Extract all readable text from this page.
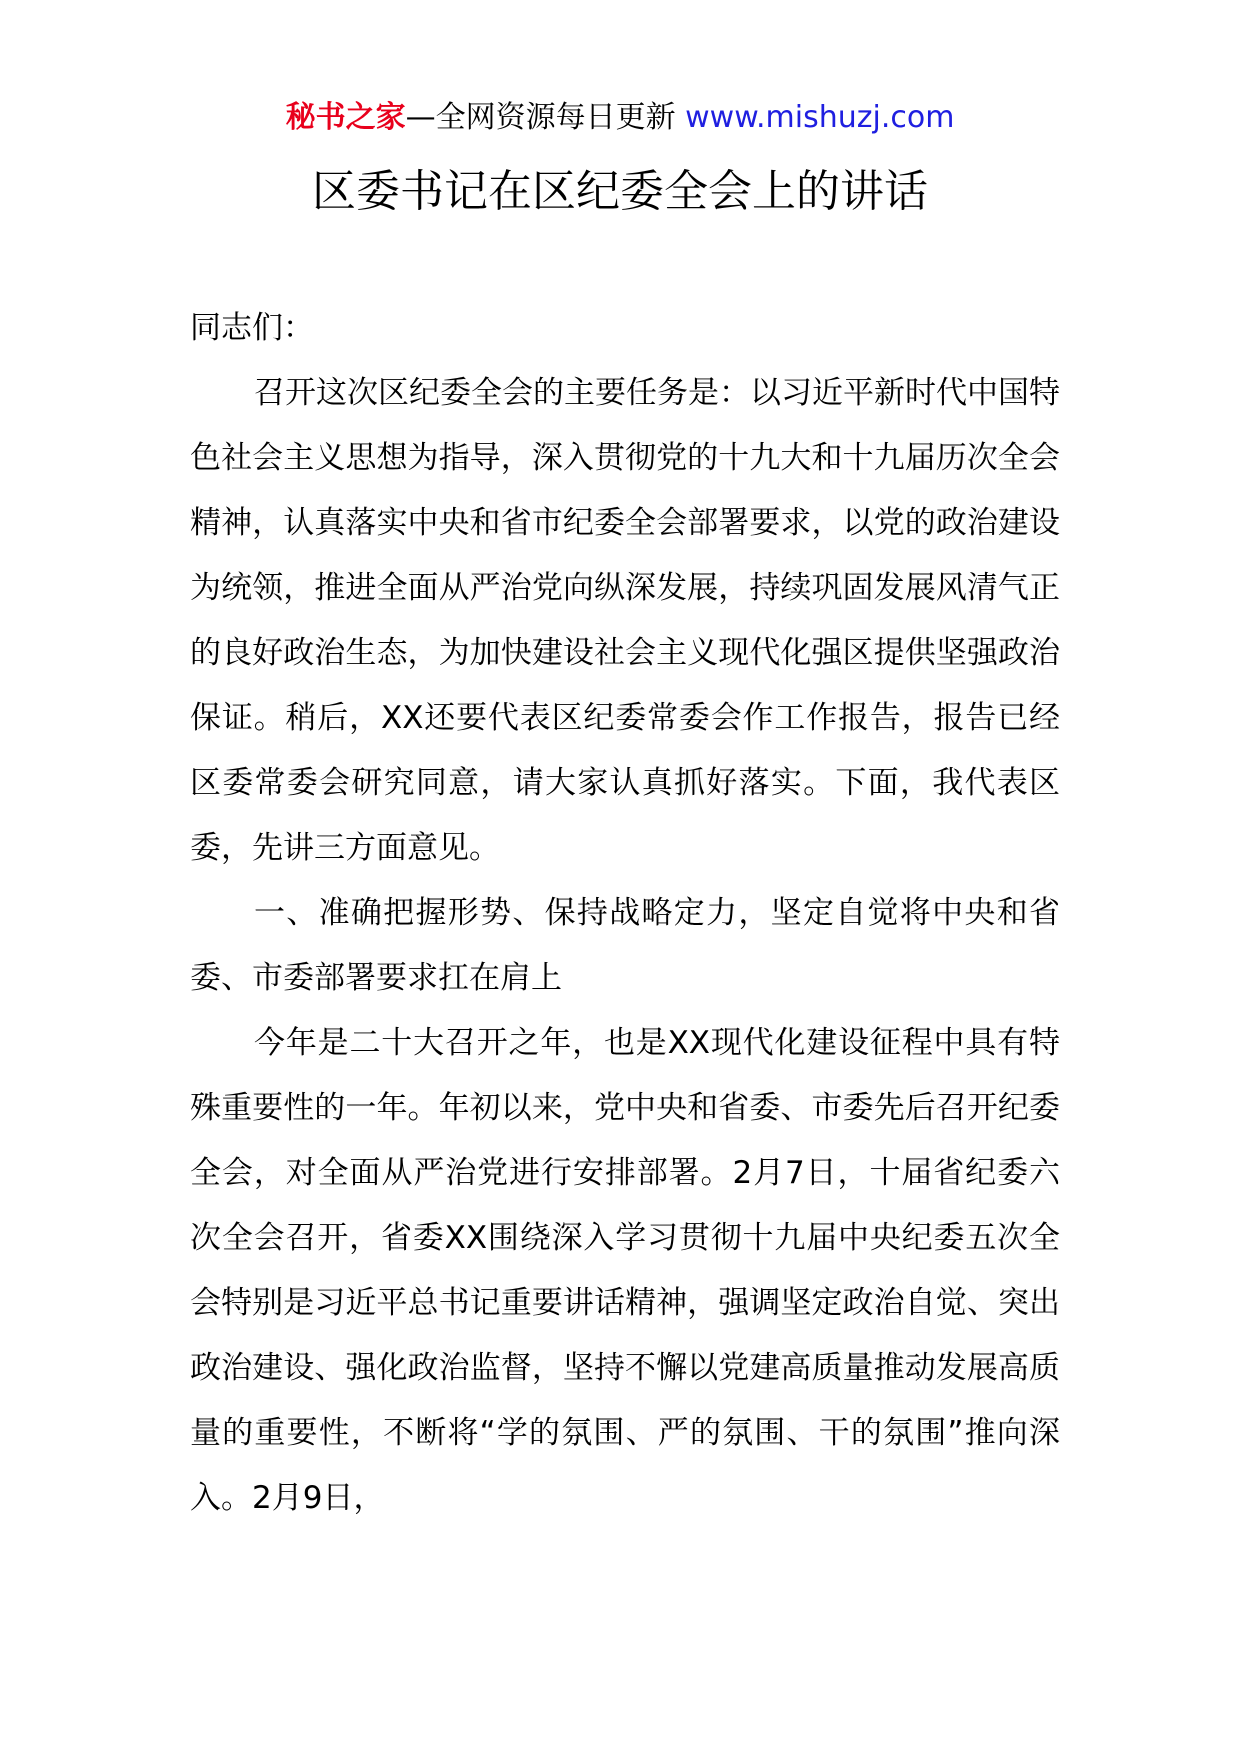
秘书之家—全网资源每日更新 www.mishuzj.com
区委书记在区纪委全会上的讲话

同志们：

召开这次区纪委全会的主要任务是：以习近平新时代中国特色社会主义思想为指导，深入贯彻党的十九大和十九届历次全会精神，认真落实中央和省市纪委全会部署要求，以党的政治建设为统领，推进全面从严治党向纵深发展，持续巩固发展风清气正的良好政治生态，为加快建设社会主义现代化强区提供坚强政治保证。稍后，XX还要代表区纪委常委会作工作报告，报告已经区委常委会研究同意，请大家认真抓好落实。下面，我代表区委，先讲三方面意见。

一、准确把握形势、保持战略定力，坚定自觉将中央和省委、市委部署要求扛在肩上

今年是二十大召开之年，也是XX现代化建设征程中具有特殊重要性的一年。年初以来，党中央和省委、市委先后召开纪委全会，对全面从严治党进行安排部署。2月7日，十届省纪委六次全会召开，省委XX围绕深入学习贯彻十九届中央纪委五次全会特别是习近平总书记重要讲话精神，强调坚定政治自觉、突出政治建设、强化政治监督，坚持不懈以党建高质量推动发展高质量的重要性，不断将“学的氛围、严的氛围、干的氛围”推向深入。2月9日，
